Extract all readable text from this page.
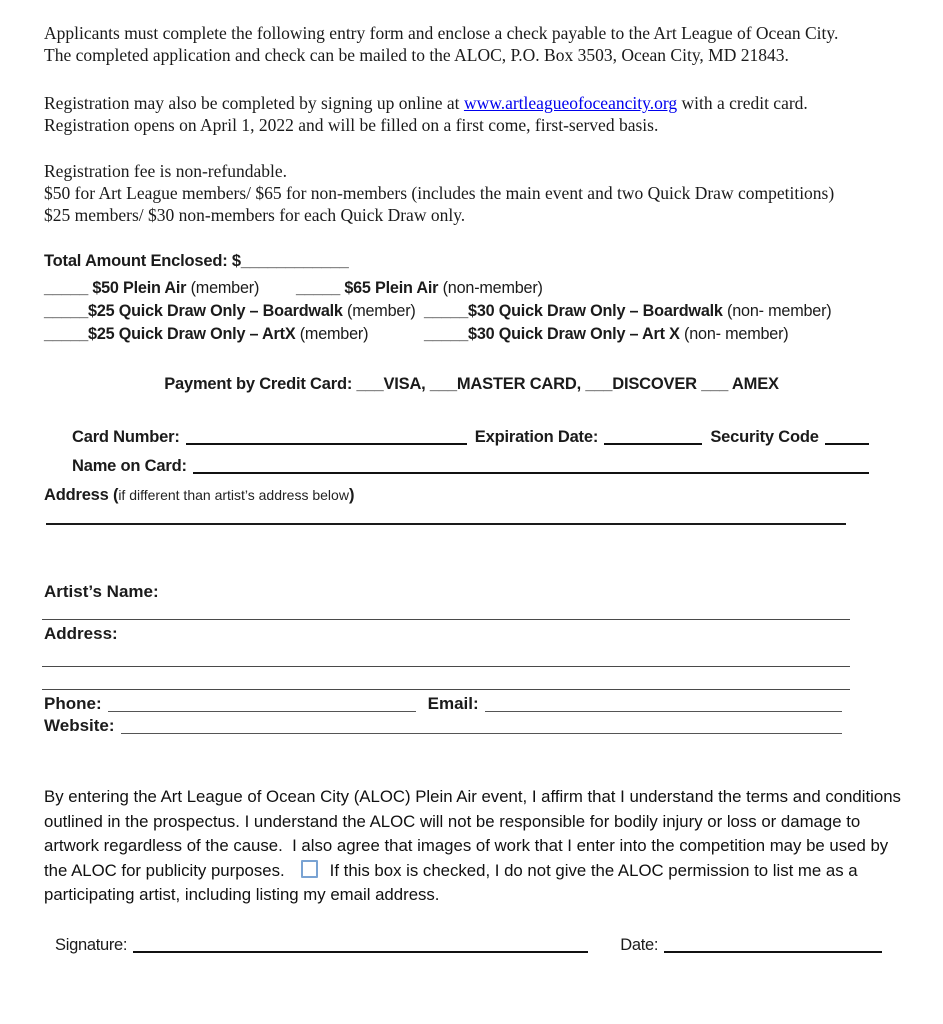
Applicants must complete the following entry form and enclose a check payable to the Art League of Ocean City.
The completed application and check can be mailed to the ALOC, P.O. Box 3503, Ocean City, MD 21843.
Registration may also be completed by signing up online at www.artleagueofoceancity.org with a credit card.
Registration opens on April 1, 2022 and will be filled on a first come, first-served basis.
Registration fee is non-refundable.
$50 for Art League members/ $65 for non-members (includes the main event and two Quick Draw competitions)
$25 members/ $30 non-members for each Quick Draw only.
Total Amount Enclosed: $____________
_____ $50 Plein Air (member)	_____ $65 Plein Air (non-member)
_____$25 Quick Draw Only – Boardwalk (member) _____$30 Quick Draw Only – Boardwalk (non- member)
_____$25 Quick Draw Only – ArtX (member)	_____$30 Quick Draw Only – Art X (non- member)
Payment by Credit Card: ___VISA, ___MASTER CARD, ___DISCOVER ___ AMEX
Card Number:	Expiration Date:	Security Code
Name on Card:
Address (if different than artist’s address below)
Artist’s Name:
Address:
Phone:	Email:
Website:
By entering the Art League of Ocean City (ALOC) Plein Air event, I affirm that I understand the terms and conditions outlined in the prospectus. I understand the ALOC will not be responsible for bodily injury or loss or damage to artwork regardless of the cause.  I also agree that images of work that I enter into the competition may be used by the ALOC for publicity purposes.	If this box is checked, I do not give the ALOC permission to list me as a participating artist, including listing my email address.
Signature:	Date:
